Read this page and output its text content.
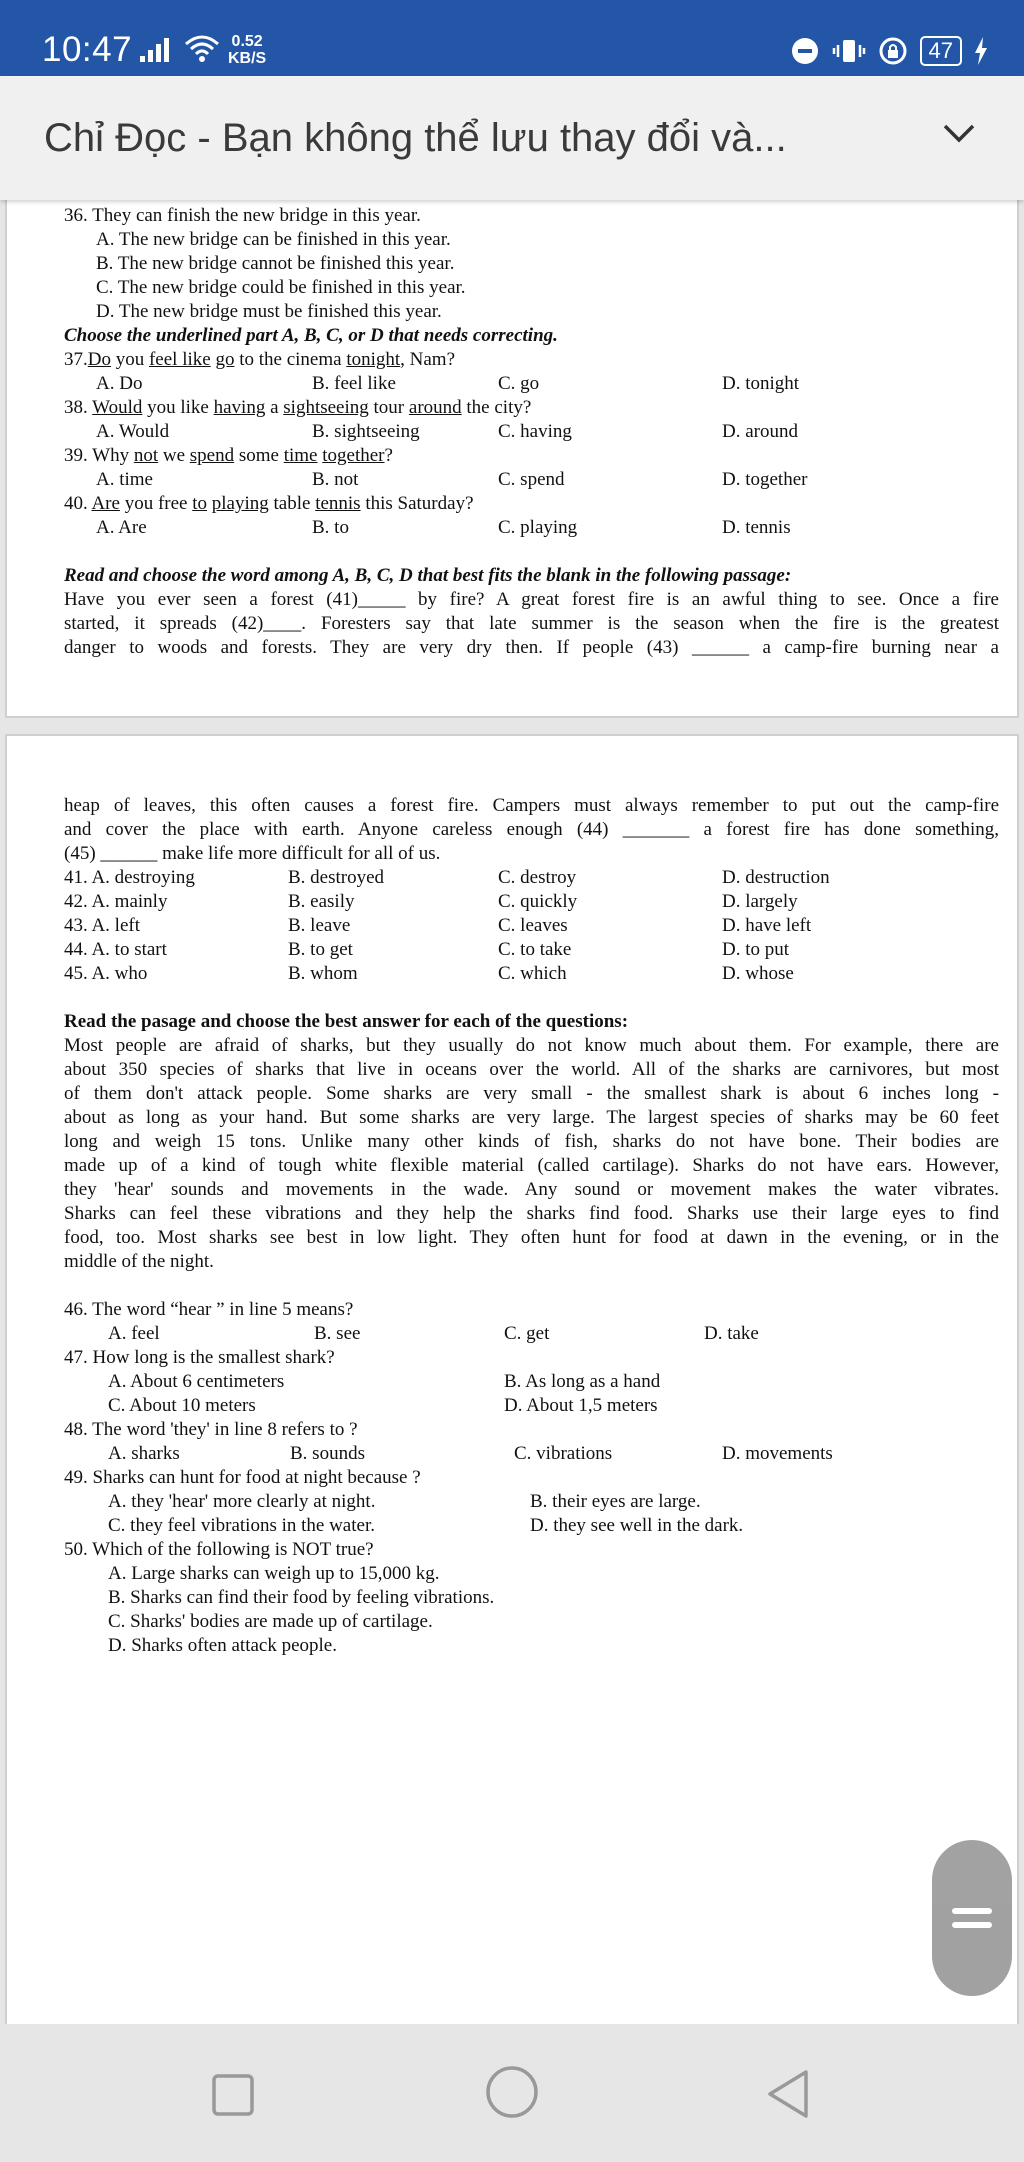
10:47	0.52
KB/S	47
Chỉ Đọc - Bạn không thể lưu thay đổi và...
36. They can finish the new bridge in this year.
A. The new bridge can be finished in this year.
B. The new bridge cannot be finished this year.
C. The new bridge could be finished in this year.
D. The new bridge must be finished this year.
Choose the underlined part A, B, C, or D that needs correcting.
37.Do you feel like go to the cinema tonight, Nam?
A. Do	B. feel like	C. go	D. tonight
38. Would you like having a sightseeing tour around the city?
A. Would	B. sightseeing	C. having	D. around
39. Why not we spend some time together?
A. time	B. not	C. spend	D. together
40. Are you free to playing table tennis this Saturday?
A. Are	B. to	C. playing	D. tennis
Read and choose the word among A, B, C, D that best fits the blank in the following passage:
Have you ever seen a forest (41)_____ by fire? A great forest fire is an awful thing to see. Once a fire
started, it spreads (42)____. Foresters say that late summer is the season when the fire is the greatest
danger to woods and forests. They are very dry then. If people (43) ______ a camp-fire burning near a
heap of leaves, this often causes a forest fire. Campers must always remember to put out the camp-fire
and cover the place with earth. Anyone careless enough (44) _______ a forest fire has done something,
(45) ______ make life more difficult for all of us.
41. A. destroying	B. destroyed	C. destroy	D. destruction
42. A. mainly	B. easily	C. quickly	D. largely
43. A. left	B. leave	C. leaves	D. have left
44. A. to start	B. to get	C. to take	D. to put
45. A. who	B. whom	C. which	D. whose
Read the pasage and choose the best answer for each of the questions:
Most people are afraid of sharks, but they usually do not know much about them. For example, there are
about 350 species of sharks that live in oceans over the world. All of the sharks are carnivores, but most
of them don't attack people. Some sharks are very small - the smallest shark is about 6 inches long -
about as long as your hand. But some sharks are very large. The largest species of sharks may be 60 feet
long and weigh 15 tons. Unlike many other kinds of fish, sharks do not have bone. Their bodies are
made up of a kind of tough white flexible material (called cartilage). Sharks do not have ears. However,
they 'hear' sounds and movements in the wade. Any sound or movement makes the water vibrates.
Sharks can feel these vibrations and they help the sharks find food. Sharks use their large eyes to find
food, too. Most sharks see best in low light. They often hunt for food at dawn in the evening, or in the
middle of the night.
46. The word “hear ” in line 5 means?
A. feel	B. see	C. get	D. take
47. How long is the smallest shark?
A. About 6 centimeters	B. As long as a hand
C. About 10 meters	D. About 1,5 meters
48. The word 'they' in line 8 refers to ?
A. sharks	B. sounds	C. vibrations	D. movements
49. Sharks can hunt for food at night because ?
A. they 'hear' more clearly at night.	B. their eyes are large.
C. they feel vibrations in the water.	D. they see well in the dark.
50. Which of the following is NOT true?
A. Large sharks can weigh up to 15,000 kg.
B. Sharks can find their food by feeling vibrations.
C. Sharks' bodies are made up of cartilage.
D. Sharks often attack people.
